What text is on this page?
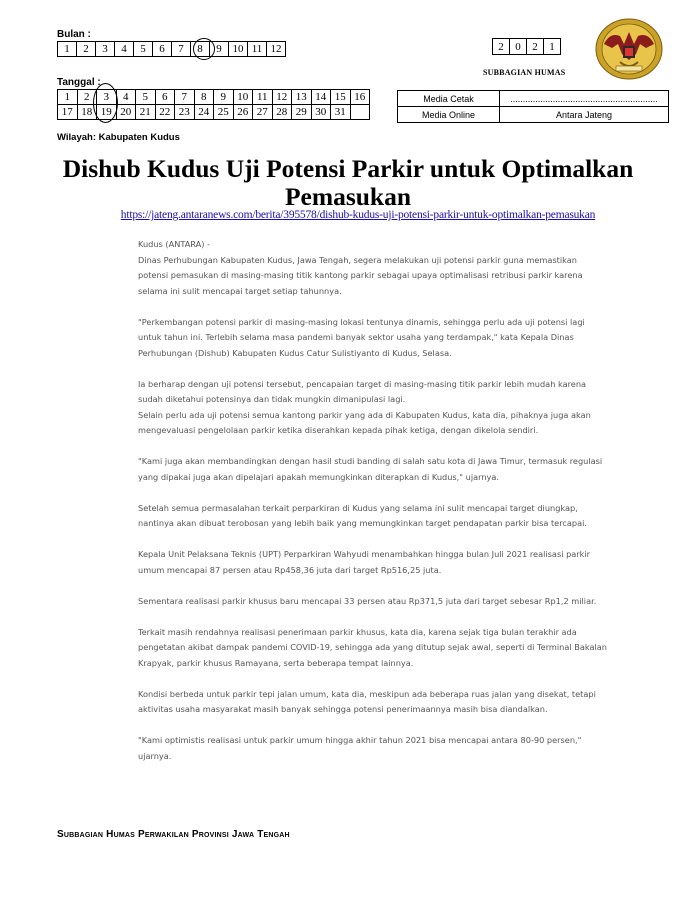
Bulan :
1	2	3	4	5	6	7	8	9	10	11	12	2	0	2	1
SUBBAGIAN HUMAS
Tanggal :
1	2	3	4	5	6	7	8	9	10	11	12	13	14	15	16
17	18	19	20	21	22	23	24	25	26	27	28	29	30	31	
Media Cetak	...........................................................
Media Online	Antara Jateng
Wilayah: Kabupaten Kudus
Dishub Kudus Uji Potensi Parkir untuk Optimalkan Pemasukan
https://jateng.antaranews.com/berita/395578/dishub-kudus-uji-potensi-parkir-untuk-optimalkan-pemasukan

Kudus (ANTARA) -

Dinas Perhubungan Kabupaten Kudus, Jawa Tengah, segera melakukan uji potensi parkir guna memastikan potensi pemasukan di masing-masing titik kantong parkir sebagai upaya optimalisasi retribusi parkir karena selama ini sulit mencapai target setiap tahunnya.

"Perkembangan potensi parkir di masing-masing lokasi tentunya dinamis, sehingga perlu ada uji potensi lagi untuk tahun ini. Terlebih selama masa pandemi banyak sektor usaha yang terdampak," kata Kepala Dinas Perhubungan (Dishub) Kabupaten Kudus Catur Sulistiyanto di Kudus, Selasa.

Ia berharap dengan uji potensi tersebut, pencapaian target di masing-masing titik parkir lebih mudah karena sudah diketahui potensinya dan tidak mungkin dimanipulasi lagi.

Selain perlu ada uji potensi semua kantong parkir yang ada di Kabupaten Kudus, kata dia, pihaknya juga akan mengevaluasi pengelolaan parkir ketika diserahkan kepada pihak ketiga, dengan dikelola sendiri.

"Kami juga akan membandingkan dengan hasil studi banding di salah satu kota di Jawa Timur, termasuk regulasi yang dipakai juga akan dipelajari apakah memungkinkan diterapkan di Kudus," ujarnya.

Setelah semua permasalahan terkait perparkiran di Kudus yang selama ini sulit mencapai target diungkap, nantinya akan dibuat terobosan yang lebih baik yang memungkinkan target pendapatan parkir bisa tercapai.

Kepala Unit Pelaksana Teknis (UPT) Perparkiran Wahyudi menambahkan hingga bulan Juli 2021 realisasi parkir umum mencapai 87 persen atau Rp458,36 juta dari target Rp516,25 juta.

Sementara realisasi parkir khusus baru mencapai 33 persen atau Rp371,5 juta dari target sebesar Rp1,2 miliar.

Terkait masih rendahnya realisasi penerimaan parkir khusus, kata dia, karena sejak tiga bulan terakhir ada pengetatan akibat dampak pandemi COVID-19, sehingga ada yang ditutup sejak awal, seperti di Terminal Bakalan Krapyak, parkir khusus Ramayana, serta beberapa tempat lainnya.

Kondisi berbeda untuk parkir tepi jalan umum, kata dia, meskipun ada beberapa ruas jalan yang disekat, tetapi aktivitas usaha masyarakat masih banyak sehingga potensi penerimaannya masih bisa diandalkan.

"Kami optimistis realisasi untuk parkir umum hingga akhir tahun 2021 bisa mencapai antara 80-90 persen," ujarnya.

Subbagian Humas Perwakilan Provinsi Jawa Tengah
